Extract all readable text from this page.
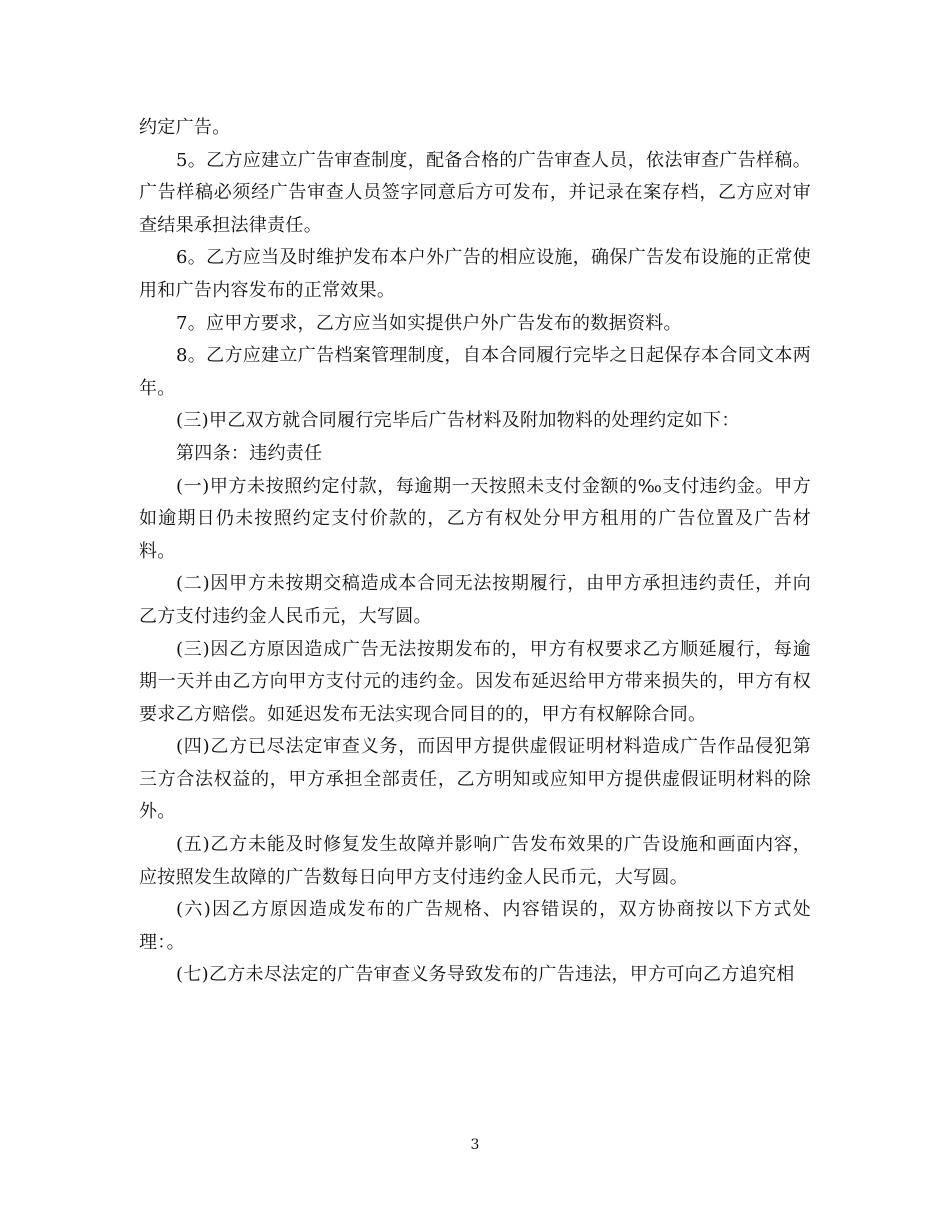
约定广告。

5。乙方应建立广告审查制度，配备合格的广告审查人员，依法审查广告样稿。广告样稿必须经广告审查人员签字同意后方可发布，并记录在案存档，乙方应对审查结果承担法律责任。

6。乙方应当及时维护发布本户外广告的相应设施，确保广告发布设施的正常使用和广告内容发布的正常效果。

7。应甲方要求，乙方应当如实提供户外广告发布的数据资料。

8。乙方应建立广告档案管理制度，自本合同履行完毕之日起保存本合同文本两年。

(三)甲乙双方就合同履行完毕后广告材料及附加物料的处理约定如下：

第四条：违约责任

(一)甲方未按照约定付款，每逾期一天按照未支付金额的‰支付违约金。甲方如逾期日仍未按照约定支付价款的，乙方有权处分甲方租用的广告位置及广告材料。

(二)因甲方未按期交稿造成本合同无法按期履行，由甲方承担违约责任，并向乙方支付违约金人民币元，大写圆。

(三)因乙方原因造成广告无法按期发布的，甲方有权要求乙方顺延履行，每逾期一天并由乙方向甲方支付元的违约金。因发布延迟给甲方带来损失的，甲方有权要求乙方赔偿。如延迟发布无法实现合同目的的，甲方有权解除合同。

(四)乙方已尽法定审查义务，而因甲方提供虚假证明材料造成广告作品侵犯第三方合法权益的，甲方承担全部责任，乙方明知或应知甲方提供虚假证明材料的除外。

(五)乙方未能及时修复发生故障并影响广告发布效果的广告设施和画面内容，应按照发生故障的广告数每日向甲方支付违约金人民币元，大写圆。

(六)因乙方原因造成发布的广告规格、内容错误的，双方协商按以下方式处理：。

(七)乙方未尽法定的广告审查义务导致发布的广告违法，甲方可向乙方追究相

3
